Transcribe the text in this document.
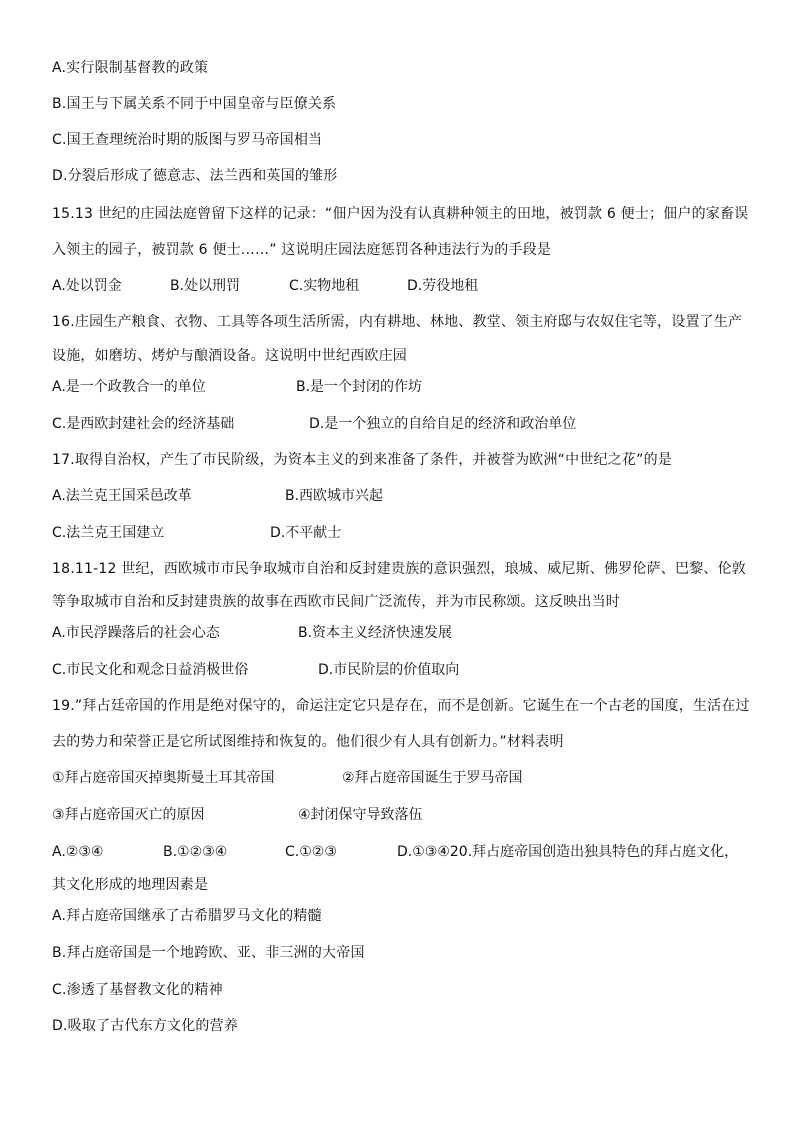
A.实行限制基督教的政策
B.国王与下属关系不同于中国皇帝与臣僚关系
C.国王查理统治时期的版图与罗马帝国相当
D.分裂后形成了德意志、法兰西和英国的雏形
15.13 世纪的庄园法庭曾留下这样的记录：“佃户因为没有认真耕种领主的田地，被罚款 6 便士；佃户的家畜误
入领主的园子，被罚款 6 便士……” 这说明庄园法庭惩罚各种违法行为的手段是
A.处以罚金	B.处以刑罚	C.实物地租	D.劳役地租
16.庄园生产粮食、衣物、工具等各项生活所需，内有耕地、林地、教堂、领主府邸与农奴住宅等，设置了生产
设施，如磨坊、烤炉与酿酒设备。这说明中世纪西欧庄园
A.是一个政教合一的单位	B.是一个封闭的作坊
C.是西欧封建社会的经济基础	D.是一个独立的自给自足的经济和政治单位
17.取得自治权，产生了市民阶级，为资本主义的到来准备了条件，并被誉为欧洲“中世纪之花”的是
A.法兰克王国采邑改革	B.西欧城市兴起
C.法兰克王国建立	D.不平献士
18.11-12 世纪，西欧城市市民争取城市自治和反封建贵族的意识强烈，琅城、威尼斯、佛罗伦萨、巴黎、伦敦
等争取城市自治和反封建贵族的故事在西欧市民间广泛流传，并为市民称颂。这反映出当时
A.市民浮躁落后的社会心态	B.资本主义经济快速发展
C.市民文化和观念日益消极世俗	D.市民阶层的价值取向
19.”拜占廷帝国的作用是绝对保守的，命运注定它只是存在，而不是创新。它诞生在一个古老的国度，生活在过
去的势力和荣誉正是它所试图维持和恢复的。他们很少有人具有创新力。”材料表明
①拜占庭帝国灭掉奥斯曼土耳其帝国	②拜占庭帝国诞生于罗马帝国
③拜占庭帝国灭亡的原因	④封闭保守导致落伍
A.②③④	B.①②③④	C.①②③	D.①③④20.拜占庭帝国创造出独具特色的拜占庭文化，
其文化形成的地理因素是
A.拜占庭帝国继承了古希腊罗马文化的精髓
B.拜占庭帝国是一个地跨欧、亚、非三洲的大帝国
C.渗透了基督教文化的精神
D.吸取了古代东方文化的营养
